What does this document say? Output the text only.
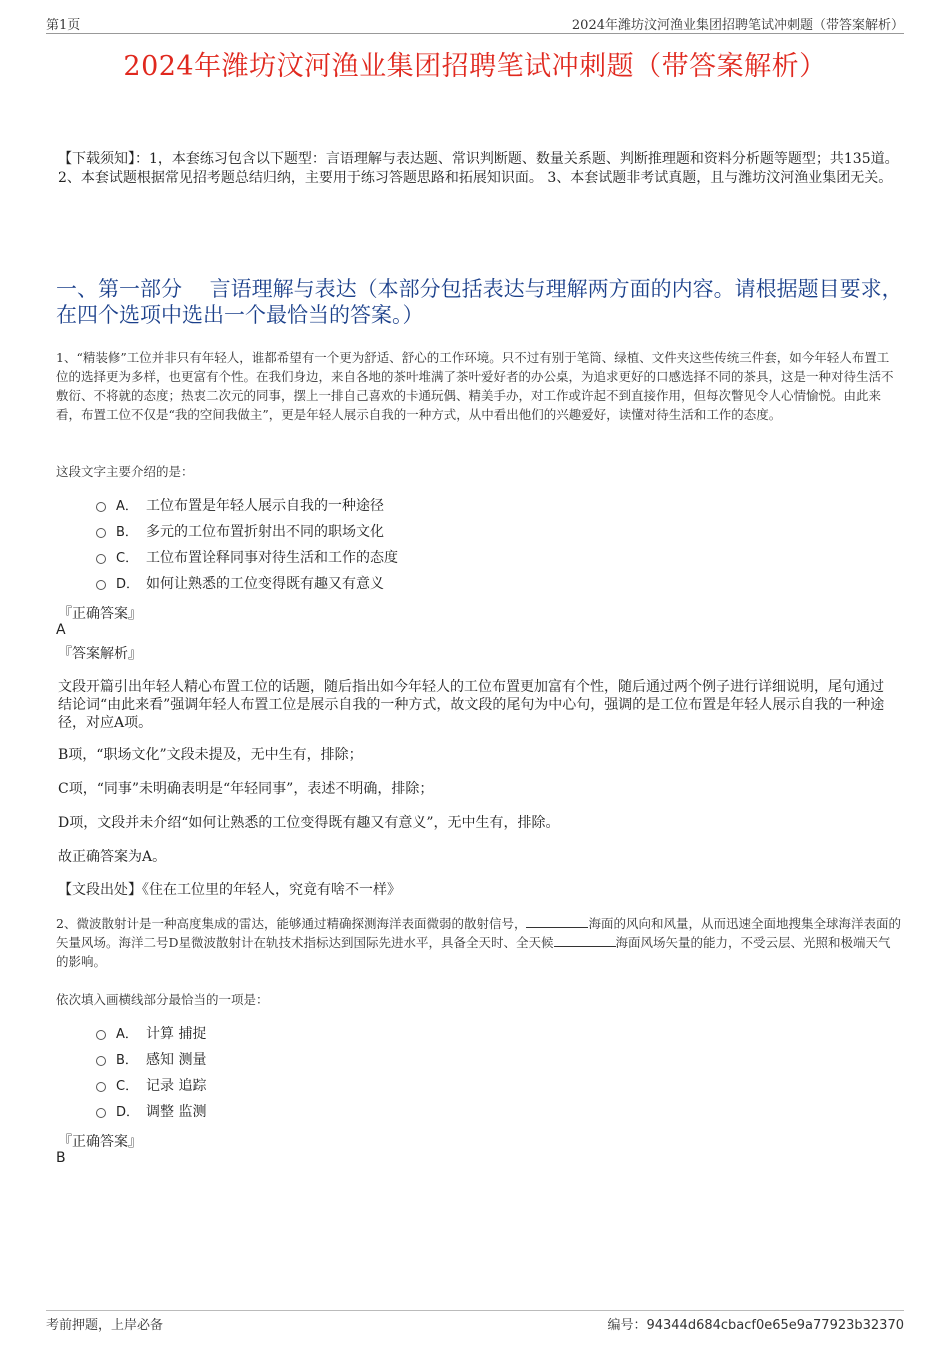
第1页	2024年潍坊汶河渔业集团招聘笔试冲刺题（带答案解析）
2024年潍坊汶河渔业集团招聘笔试冲刺题（带答案解析）
【下载须知】：1，本套练习包含以下题型：言语理解与表达题、常识判断题、数量关系题、判断推理题和资料分析题等题型；共135道。 2、本套试题根据常见招考题总结归纳，主要用于练习答题思路和拓展知识面。 3、本套试题非考试真题，且与潍坊汶河渔业集团无关。
一、第一部分　 言语理解与表达（本部分包括表达与理解两方面的内容。请根据题目要求，在四个选项中选出一个最恰当的答案。）
1、“精装修”工位并非只有年轻人，谁都希望有一个更为舒适、舒心的工作环境。只不过有别于笔筒、绿植、文件夹这些传统三件套，如今年轻人布置工位的选择更为多样，也更富有个性。在我们身边，来自各地的茶叶堆满了茶叶爱好者的办公桌，为追求更好的口感选择不同的茶具，这是一种对待生活不敷衍、不将就的态度；热衷二次元的同事，摆上一排自己喜欢的卡通玩偶、精美手办，对工作或许起不到直接作用，但每次瞥见令人心情愉悦。由此来看，布置工位不仅是“我的空间我做主”，更是年轻人展示自我的一种方式，从中看出他们的兴趣爱好，读懂对待生活和工作的态度。
这段文字主要介绍的是：
A． 工位布置是年轻人展示自我的一种途径
B． 多元的工位布置折射出不同的职场文化
C． 工位布置诠释同事对待生活和工作的态度
D． 如何让熟悉的工位变得既有趣又有意义
『正确答案』
A
『答案解析』
文段开篇引出年轻人精心布置工位的话题，随后指出如今年轻人的工位布置更加富有个性，随后通过两个例子进行详细说明，尾句通过结论词“由此来看”强调年轻人布置工位是展示自我的一种方式，故文段的尾句为中心句，强调的是工位布置是年轻人展示自我的一种途径，对应A项。
B项，“职场文化”文段未提及，无中生有，排除；
C项，“同事”未明确表明是“年轻同事”，表述不明确，排除；
D项，文段并未介绍“如何让熟悉的工位变得既有趣又有意义”，无中生有，排除。
故正确答案为A。
【文段出处】《住在工位里的年轻人，究竟有啥不一样》
2、微波散射计是一种高度集成的雷达，能够通过精确探测海洋表面微弱的散射信号，	海面的风向和风量，从而迅速全面地搜集全球海洋表面的矢量风场。海洋二号D星微波散射计在轨技术指标达到国际先进水平，具备全天时、全天候	海面风场矢量的能力，不受云层、光照和极端天气的影响。
依次填入画横线部分最恰当的一项是：
A． 计算 捕捉
B． 感知 测量
C． 记录 追踪
D． 调整 监测
『正确答案』
B
考前押题，上岸必备	编号：94344d684cbacf0e65e9a77923b32370
